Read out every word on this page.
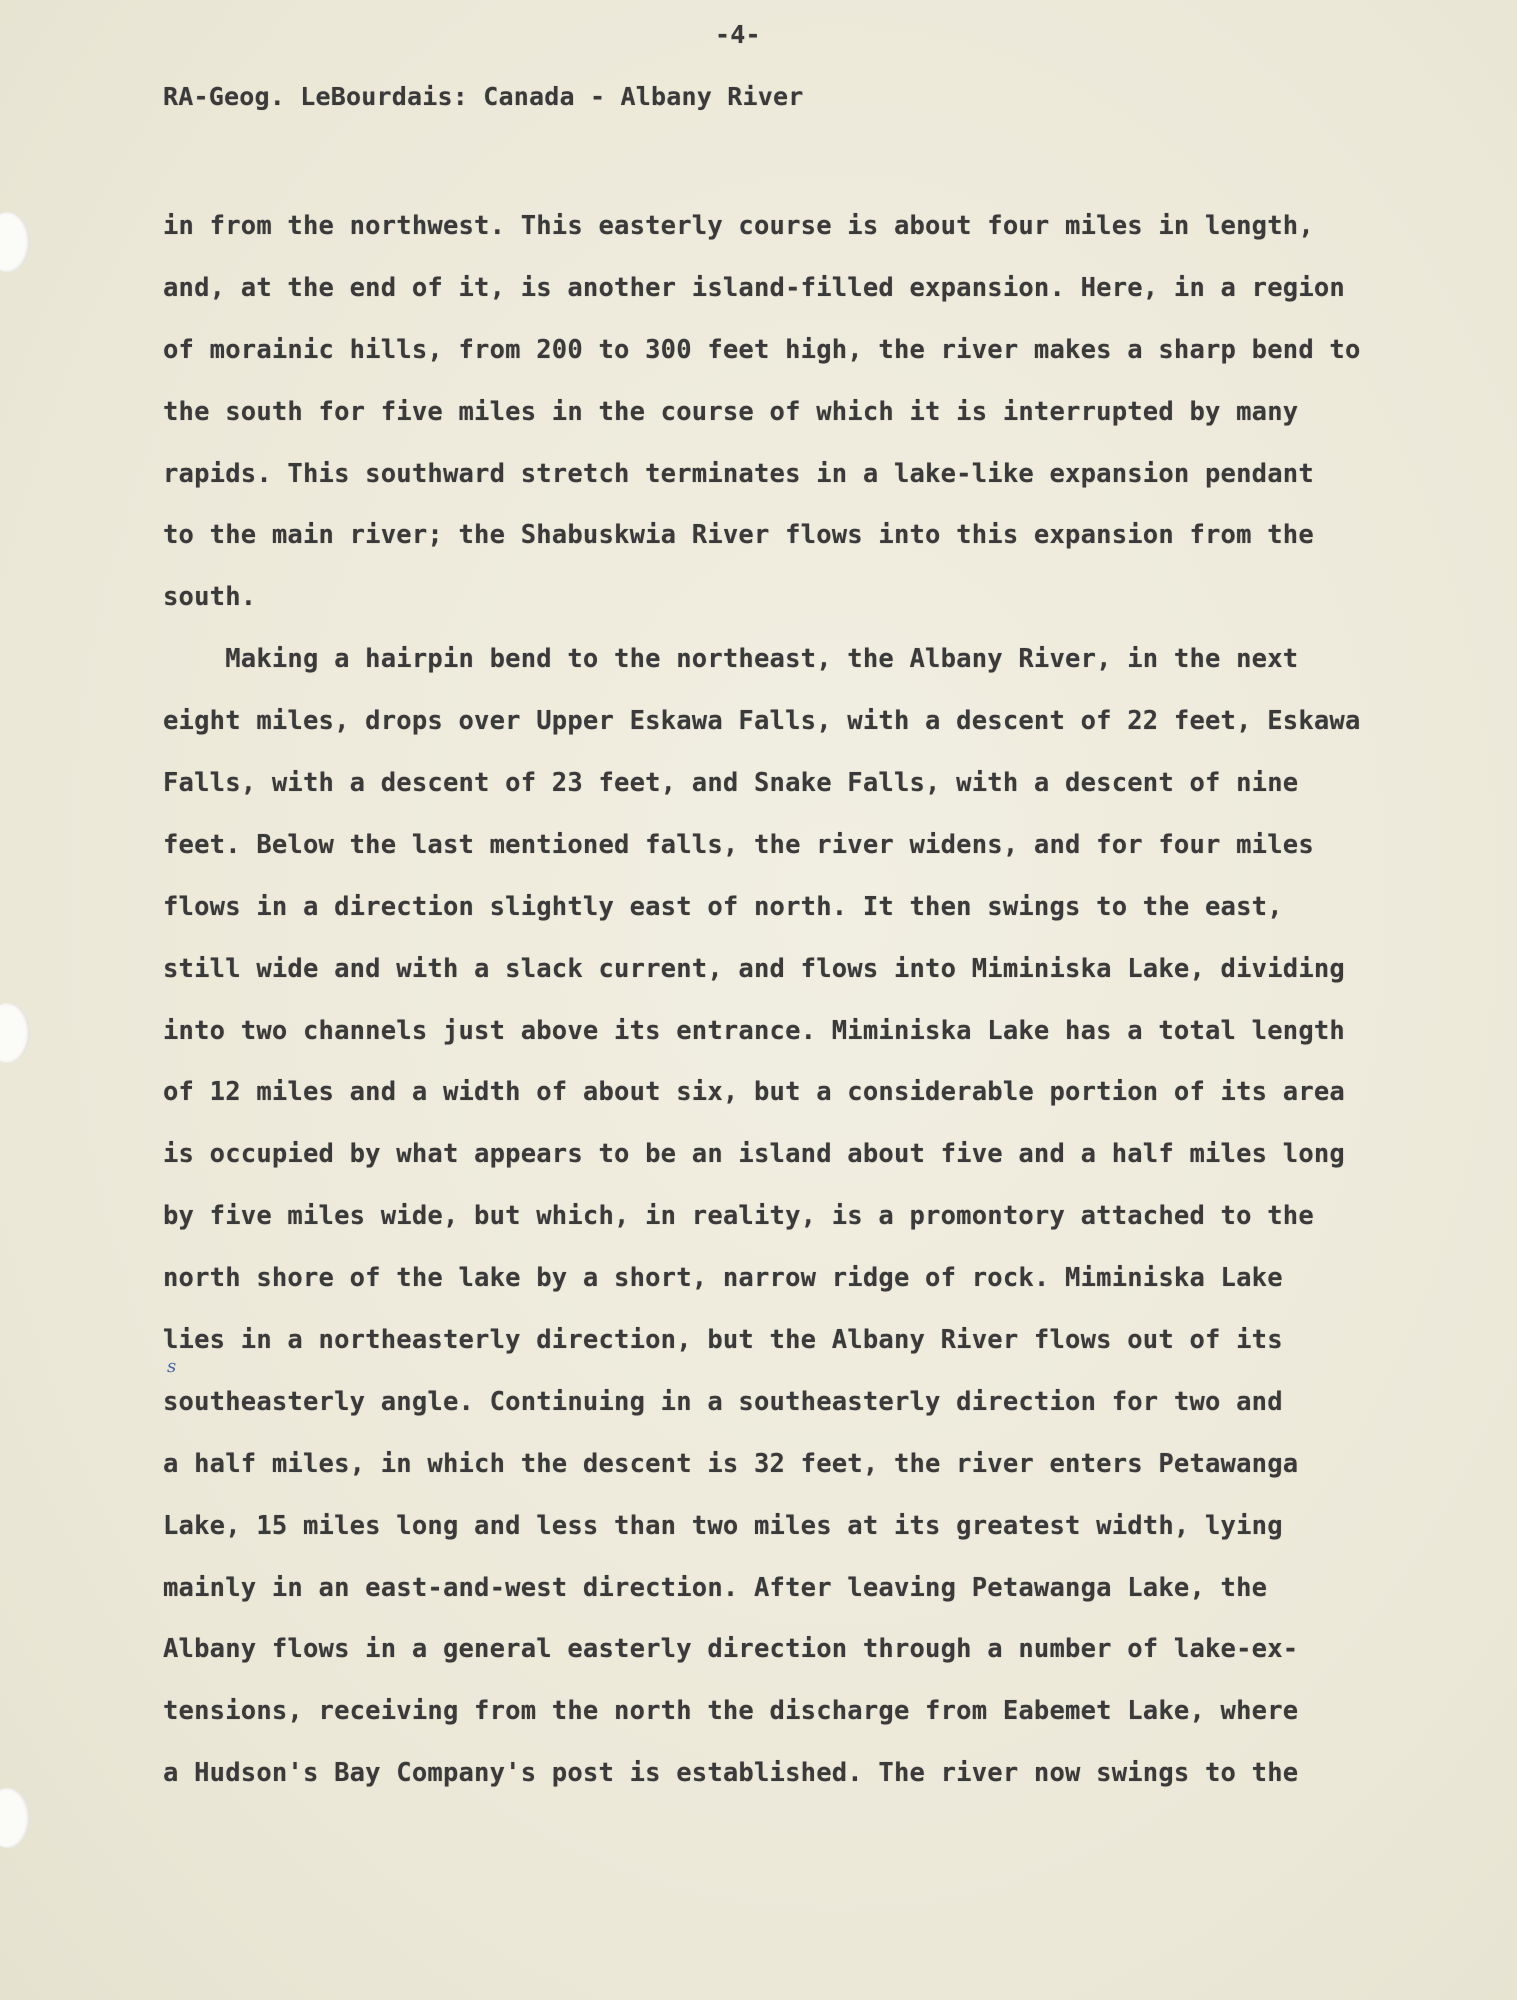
-4-
RA-Geog. LeBourdais: Canada - Albany River
s
in from the northwest. This easterly course is about four miles in length,
and, at the end of it, is another island-filled expansion. Here, in a region
of morainic hills, from 200 to 300 feet high, the river makes a sharp bend to
the south for five miles in the course of which it is interrupted by many
rapids. This southward stretch terminates in a lake-like expansion pendant
to the main river; the Shabuskwia River flows into this expansion from the
south.
Making a hairpin bend to the northeast, the Albany River, in the next
eight miles, drops over Upper Eskawa Falls, with a descent of 22 feet, Eskawa
Falls, with a descent of 23 feet, and Snake Falls, with a descent of nine
feet. Below the last mentioned falls, the river widens, and for four miles
flows in a direction slightly east of north. It then swings to the east,
still wide and with a slack current, and flows into Miminiska Lake, dividing
into two channels just above its entrance. Miminiska Lake has a total length
of 12 miles and a width of about six, but a considerable portion of its area
is occupied by what appears to be an island about five and a half miles long
by five miles wide, but which, in reality, is a promontory attached to the
north shore of the lake by a short, narrow ridge of rock. Miminiska Lake
lies in a northeasterly direction, but the Albany River flows out of its
southeasterly angle. Continuing in a southeasterly direction for two and
a half miles, in which the descent is 32 feet, the river enters Petawanga
Lake, 15 miles long and less than two miles at its greatest width, lying
mainly in an east-and-west direction. After leaving Petawanga Lake, the
Albany flows in a general easterly direction through a number of lake-ex-
tensions, receiving from the north the discharge from Eabemet Lake, where
a Hudson's Bay Company's post is established. The river now swings to the
